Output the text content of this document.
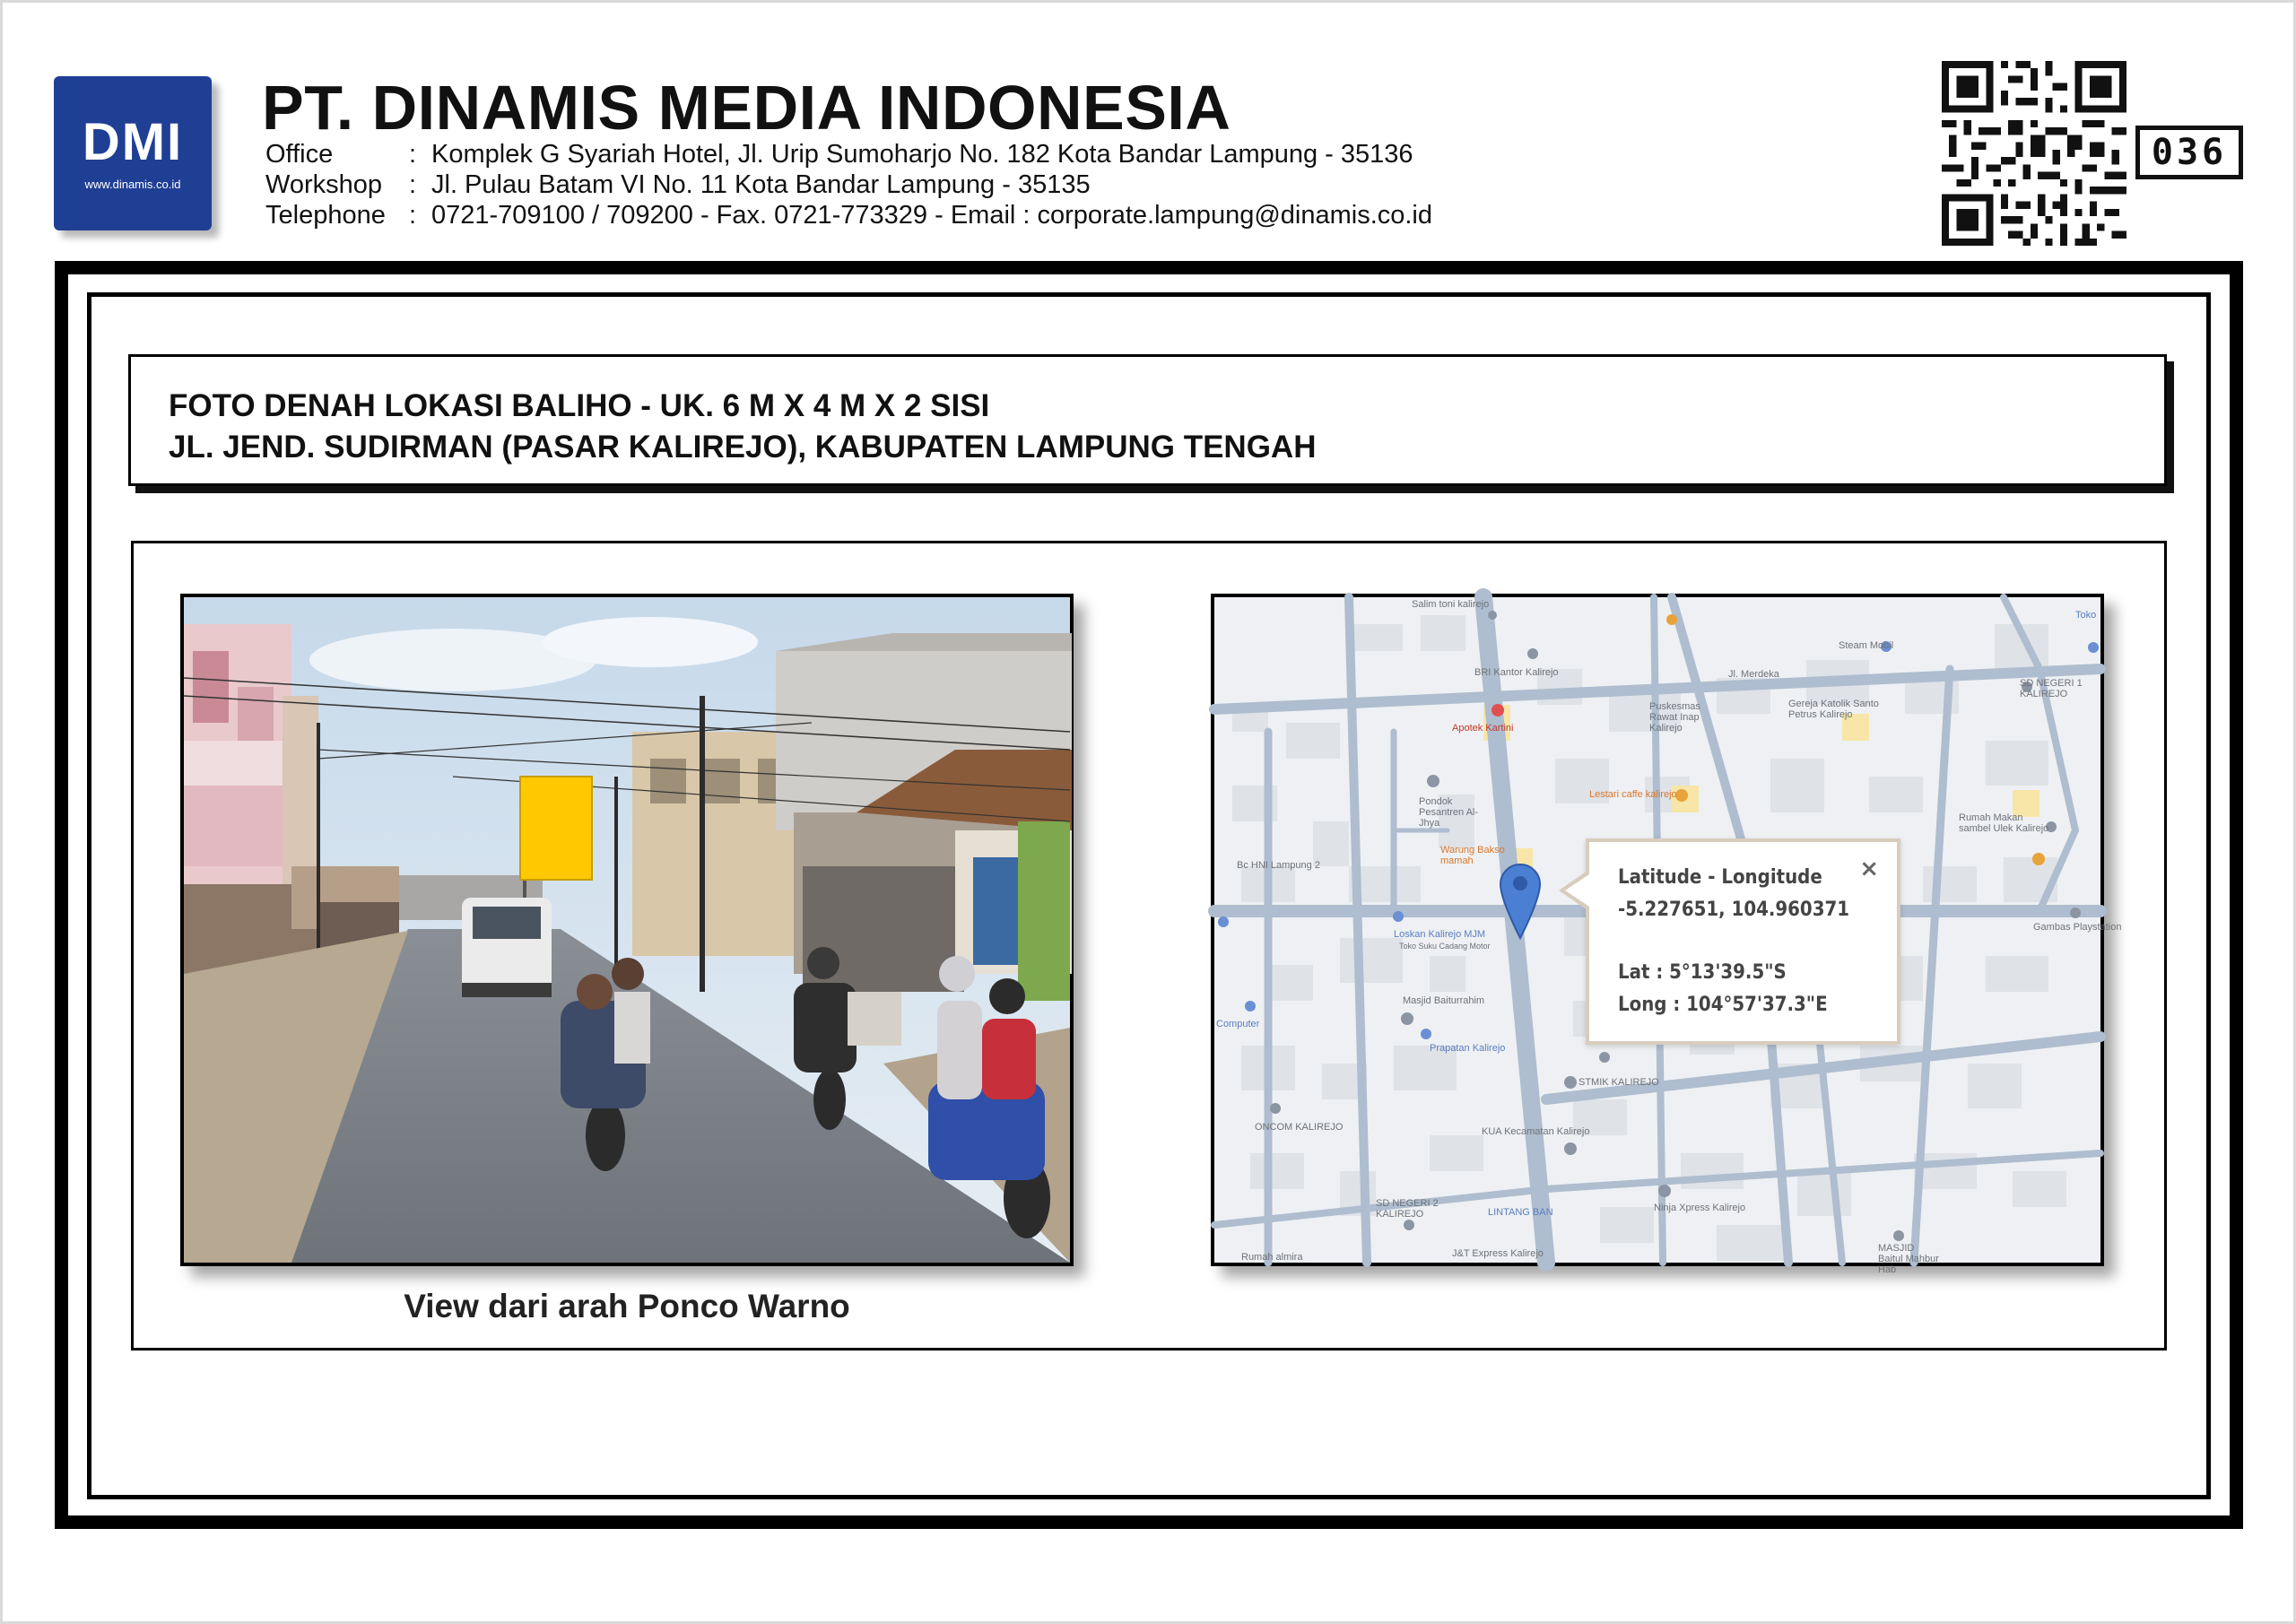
DMI
www.dinamis.co.id
PT. DINAMIS MEDIA INDONESIA
Office	: Komplek G Syariah Hotel, Jl. Urip Sumoharjo No. 182 Kota Bandar Lampung - 35136
Workshop	: Jl. Pulau Batam VI No. 11 Kota Bandar Lampung - 35135
Telephone : 0721-709100 / 709200 - Fax. 0721-773329 - Email : corporate.lampung@dinamis.co.id
036
FOTO DENAH LOKASI BALIHO - UK. 6 M X 4 M X 2 SISI
JL. JEND. SUDIRMAN (PASAR KALIREJO), KABUPATEN LAMPUNG TENGAH
View dari arah Ponco Warno
Salim toni kalirejo
BRI Kantor Kalirejo	Jl. Merdeka
Apotek Kartini
Pondok Pesantren Al-Jhya
Lestari caffe kalirejo
Warung Bakso mamah
Bc HNI Lampung 2
Loskan Kalirejo MJM
Toko Suku Cadang Motor
Masjid Baiturrahim
Prapatan Kalirejo
STMIK KALIREJO
ONCOM KALIREJO	KUA Kecamatan Kalirejo
SD NEGERI 2 KALIREJO	LINTANG BAN	Ninja Xpress Kalirejo
J&T Express Kalirejo
Rumah almira
MASJID Baitul Mahbur Hab
Steam Mobil
Puskesmas Rawat Inap Kalirejo
Gereja Katolik Santo Petrus Kalirejo
SD NEGERI 1 KALIREJO
Rumah Makan sambel Ulek Kalirejo
Gambas Playstation
Computer
Toko
×
Latitude - Longitude
-5.227651, 104.960371
Lat : 5°13'39.5"S
Long : 104°57'37.3"E
